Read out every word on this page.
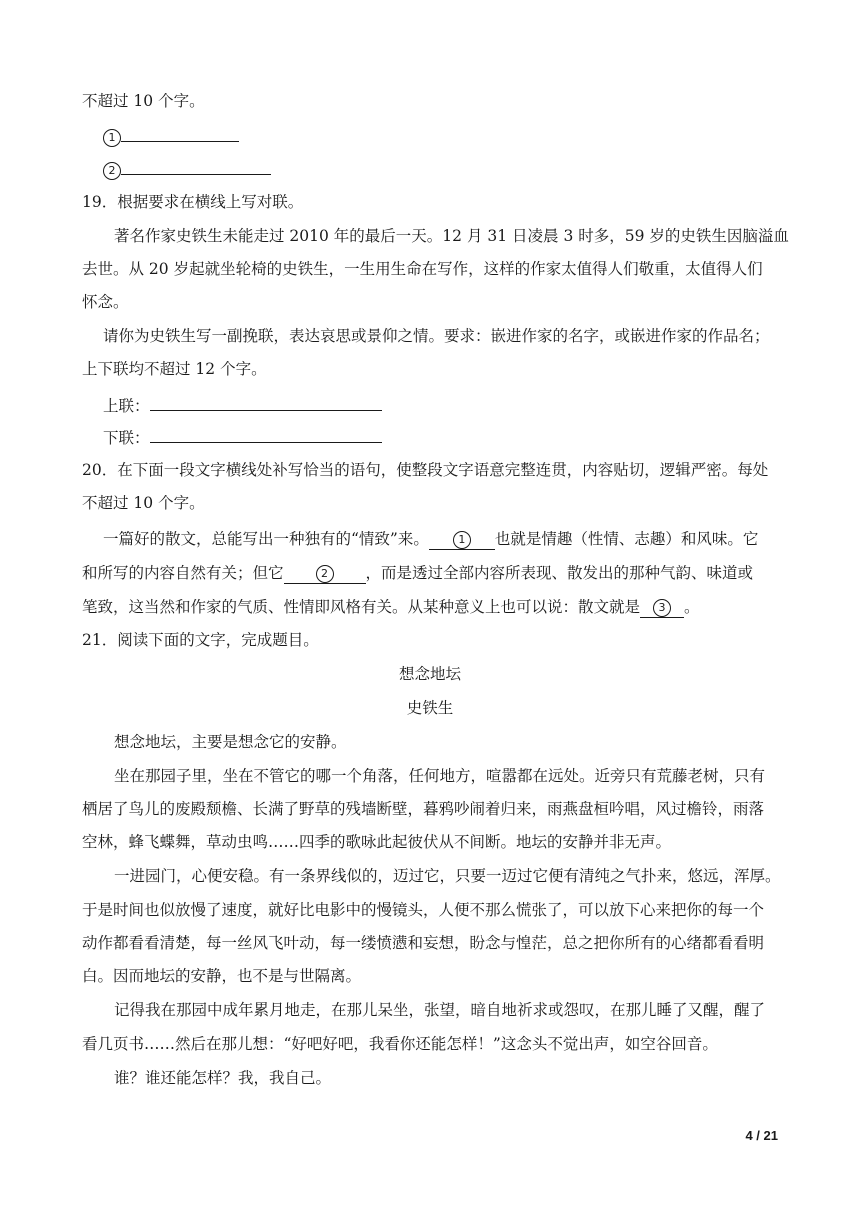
不超过 10 个字。
1
2
19．根据要求在横线上写对联。
著名作家史铁生未能走过 2010 年的最后一天。12 月 31 日凌晨 3 时多，59 岁的史铁生因脑溢血
去世。从 20 岁起就坐轮椅的史铁生，一生用生命在写作，这样的作家太值得人们敬重，太值得人们
怀念。
请你为史铁生写一副挽联，表达哀思或景仰之情。要求：嵌进作家的名字，或嵌进作家的作品名；
上下联均不超过 12 个字。
上联：
下联：
20．在下面一段文字横线处补写恰当的语句，使整段文字语意完整连贯，内容贴切，逻辑严密。每处
不超过 10 个字。
一篇好的散文，总能写出一种独有的“情致”来。	1 也就是情趣（性情、志趣）和风味。它
和所写的内容自然有关；但它	2 ，而是透过全部内容所表现、散发出的那种气韵、味道或
笔致，这当然和作家的气质、性情即风格有关。从某种意义上也可以说：散文就是 3 。
21．阅读下面的文字，完成题目。
想念地坛
史铁生
想念地坛，主要是想念它的安静。
坐在那园子里，坐在不管它的哪一个角落，任何地方，喧嚣都在远处。近旁只有荒藤老树，只有
栖居了鸟儿的废殿颓檐、长满了野草的残墙断壁，暮鸦吵闹着归来，雨燕盘桓吟唱，风过檐铃，雨落
空林，蜂飞蝶舞，草动虫鸣……四季的歌咏此起彼伏从不间断。地坛的安静并非无声。
一进园门，心便安稳。有一条界线似的，迈过它，只要一迈过它便有清纯之气扑来，悠远，浑厚。
于是时间也似放慢了速度，就好比电影中的慢镜头，人便不那么慌张了，可以放下心来把你的每一个
动作都看看清楚，每一丝风飞叶动，每一缕愤懑和妄想，盼念与惶茫，总之把你所有的心绪都看看明
白。因而地坛的安静，也不是与世隔离。
记得我在那园中成年累月地走，在那儿呆坐，张望，暗自地祈求或怨叹，在那儿睡了又醒，醒了
看几页书……然后在那儿想：“好吧好吧，我看你还能怎样！”这念头不觉出声，如空谷回音。
谁？谁还能怎样？我，我自己。
4 / 21
